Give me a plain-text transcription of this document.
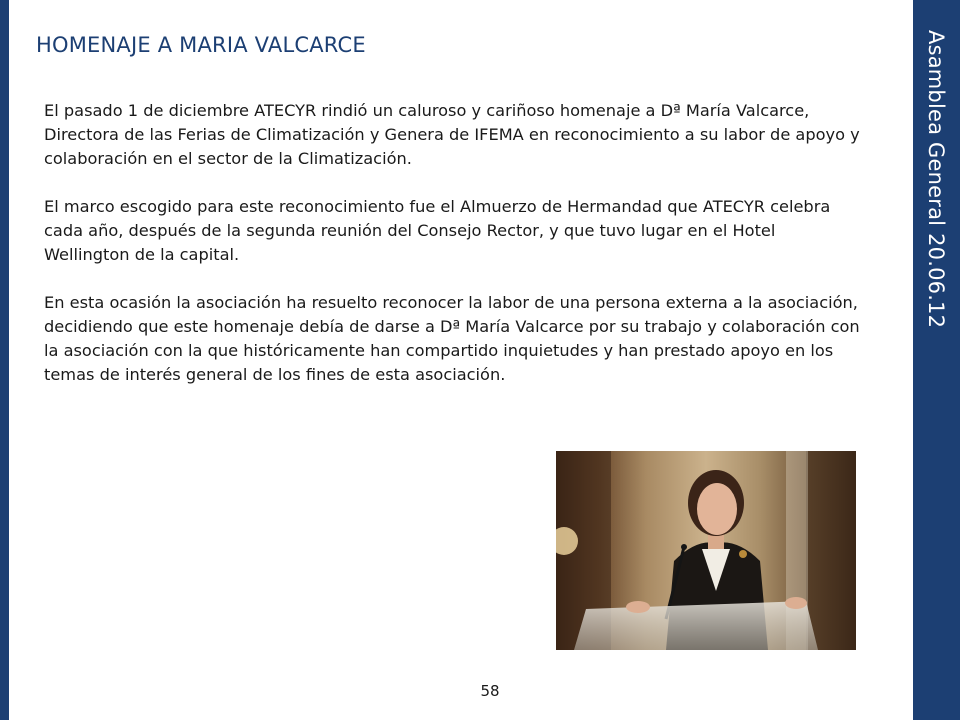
Asamblea General 20.06.12
HOMENAJE A MARIA VALCARCE

El pasado 1 de diciembre ATECYR rindió un caluroso y cariñoso homenaje a Dª María Valcarce, Directora de las Ferias de Climatización y Genera de IFEMA en reconocimiento a su labor de apoyo y colaboración en el sector de la Climatización.

El marco escogido para este reconocimiento fue el Almuerzo de Hermandad que ATECYR celebra cada año, después de la segunda reunión del Consejo Rector, y que tuvo lugar en el Hotel Wellington de la capital.

En esta ocasión la asociación ha resuelto reconocer la labor de una persona externa a la asociación, decidiendo que este homenaje debía de darse a Dª María Valcarce por su trabajo y colaboración con la asociación con la que históricamente han compartido inquietudes y han prestado apoyo en los temas de interés general de los fines de esta asociación.

58
